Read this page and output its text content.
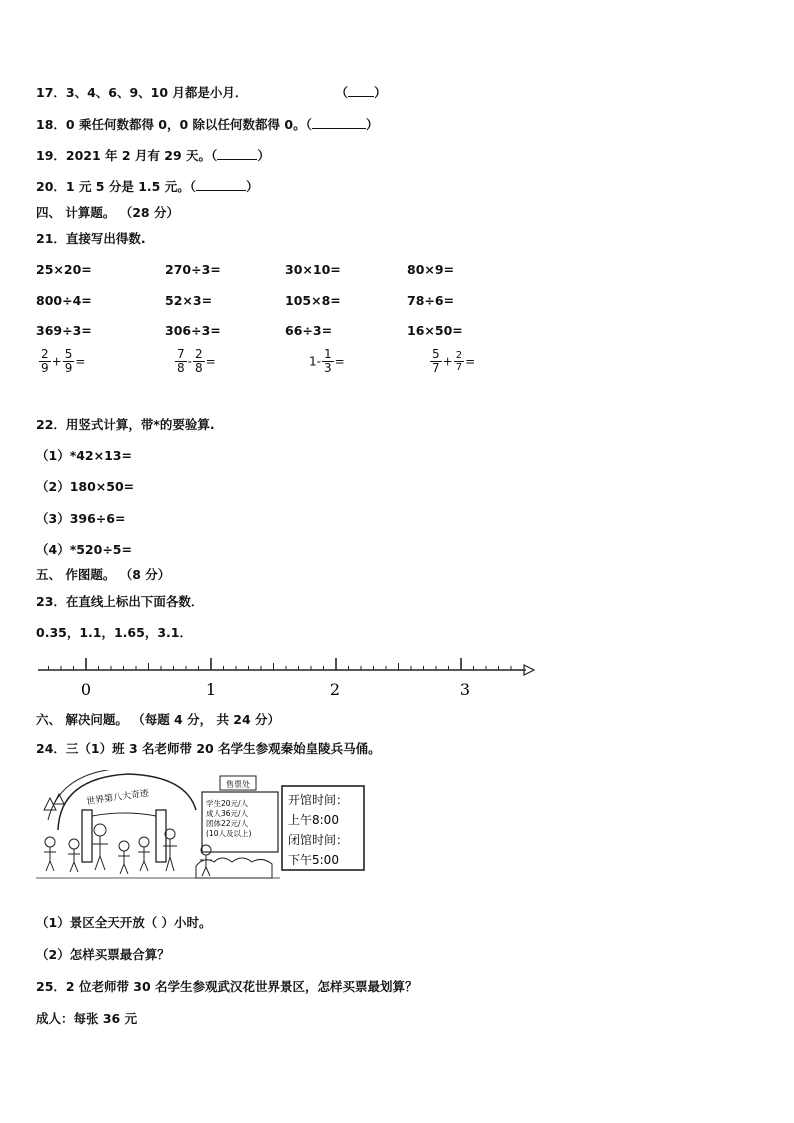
17．3、4、6、9、10 月都是小月．	（ ）
18．0 乘任何数都得 0，0 除以任何数都得 0。（	）
19．2021 年 2 月有 29 天。（	）
20．1 元 5 分是 1.5 元。（	）
四、 计算题。 （28 分）
21．直接写出得数.
25×20=	270÷3=	30×10=	80×9=
800÷4=	52×3=	105×8=	78÷6=
369÷3=	306÷3=	66÷3=	16×50=
$\frac{2}{9} + \frac{5}{9}$ =	$\frac{7}{8} - \frac{2}{8}$ =	$1- \frac{1}{3}$ =	$\frac{5}{7} + \frac{2}{7}$ =
22．用竖式计算，带*的要验算.
（1）*42×13=
（2）180×50=
（3）396÷6=
（4）*520÷5=
五、 作图题。 （8 分）
23．在直线上标出下面各数．
0.35，1.1，1.65，3.1．
0	1	2	3
六、 解决问题。 （每题 4 分， 共 24 分）
24．三（1）班 3 名老师带 20 名学生参观秦始皇陵兵马俑。
世界第八大奇迹
售票处
学生20元/人
成人36元/人
团体22元/人
(10人及以上)
开馆时间：
上午8:00
闭馆时间：
下午5:00
（1）景区全天开放（ ）小时。
（2）怎样买票最合算？
25．2 位老师带 30 名学生参观武汉花世界景区，怎样买票最划算？
成人：每张 36 元
